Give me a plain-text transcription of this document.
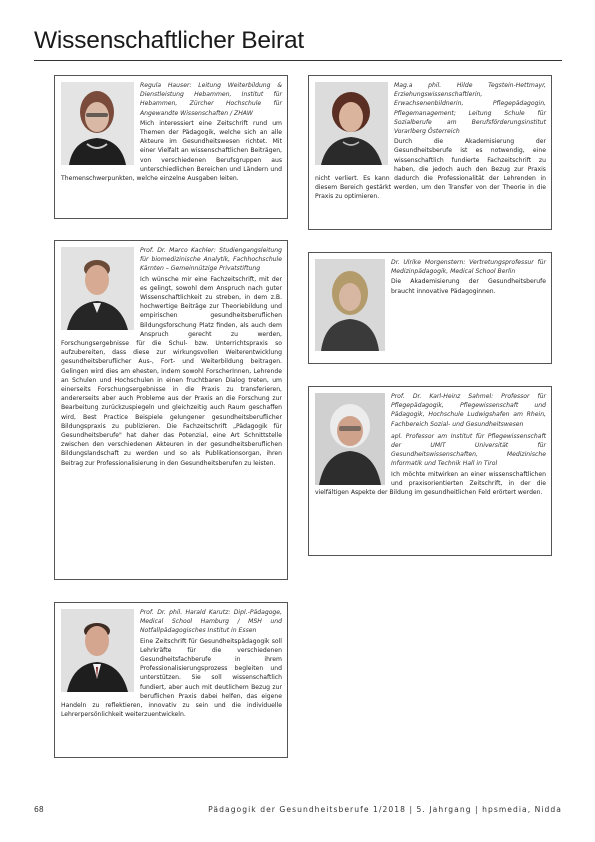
Wissenschaftlicher Beirat

Regula Hauser: Leitung Weiterbildung & Dienstleistung Hebammen, Institut für Hebammen, Zürcher Hochschule für Angewandte Wissenschaften / ZHAW

Mich interessiert eine Zeitschrift rund um Themen der Pädagogik, welche sich an alle Akteure im Gesundheitswesen richtet. Mit einer Vielfalt an wissenschaftlichen Beiträgen, von verschiedenen Berufsgruppen aus unterschiedlichen Bereichen und Ländern und Themenschwerpunkten, welche einzelne Ausgaben leiten.

Mag.a phil. Hilde Tegstein-Hettmayr, Erziehungswissenschaftlerin, Erwachsenenbildnerin, Pflegepädagogin, Pflegemanagement; Leitung Schule für Sozialberufe am Berufsförderungsinstitut Vorarlberg Österreich

Durch die Akademisierung der Gesundheitsberufe ist es notwendig, eine wissenschaftlich fundierte Fachzeitschrift zu haben, die jedoch auch den Bezug zur Praxis nicht verliert. Es kann dadurch die Professionalität der Lehrenden in diesem Bereich gestärkt werden, um den Transfer von der Theorie in die Praxis zu optimieren.

Prof. Dr. Marco Kachler: Studiengangsleitung für biomedizinische Analytik, Fachhochschule Kärnten – Gemeinnützige Privatstiftung

Ich wünsche mir eine Fachzeitschrift, mit der es gelingt, sowohl dem Anspruch nach guter Wissenschaftlichkeit zu streben, in dem z.B. hochwertige Beiträge zur Theoriebildung und empirischen gesundheitsberuflichen Bildungsforschung Platz finden, als auch dem Anspruch gerecht zu werden, Forschungsergebnisse für die Schul- bzw. Unterrichtspraxis so aufzubereiten, dass diese zur wirkungsvollen Weiterentwicklung gesundheitsberuflicher Aus-, Fort- und Weiterbildung beitragen. Gelingen wird dies am ehesten, indem sowohl ForscherInnen, Lehrende an Schulen und Hochschulen in einen fruchtbaren Dialog treten, um einerseits Forschungsergebnisse in die Praxis zu transferieren, andererseits aber auch Probleme aus der Praxis an die Forschung zur Bearbeitung zurückzuspiegeln und gleichzeitig auch Raum geschaffen wird, Best Practice Beispiele gelungener gesundheitsberuflicher Bildungspraxis zu publizieren. Die Fachzeitschrift „Pädagogik für Gesundheitsberufe" hat daher das Potenzial, eine Art Schnittstelle zwischen den verschiedenen Akteuren in der gesundheitsberuflichen Bildungslandschaft zu werden und so als Publikationsorgan, ihren Beitrag zur Professionalisierung in den Gesundheitsberufen zu leisten.

Dr. Ulrike Morgenstern: Vertretungsprofessur für Medizinpädagogik, Medical School Berlin

Die Akademisierung der Gesundheitsberufe braucht innovative Pädagoginnen.

Prof. Dr. Karl-Heinz Sahmel: Professor für Pflegepädagogik, Pflegewissenschaft und Pädagogik, Hochschule Ludwigshafen am Rhein, Fachbereich Sozial- und Gesundheitswesen

apl. Professor am Institut für Pflegewissenschaft der UMIT Universität für Gesundheitswissenschaften, Medizinische Informatik und Technik Hall in Tirol

Ich möchte mitwirken an einer wissenschaftlichen und praxisorientierten Zeitschrift, in der die vielfältigen Aspekte der Bildung im gesundheitlichen Feld erörtert werden.

Prof. Dr. phil. Harald Karutz: Dipl.-Pädagoge, Medical School Hamburg / MSH und Notfallpädagogisches Institut in Essen

Eine Zeitschrift für Gesundheitspädagogik soll Lehrkräfte für die verschiedenen Gesundheitsfachberufe in ihrem Professionalisierungsprozess begleiten und unterstützen. Sie soll wissenschaftlich fundiert, aber auch mit deutlichem Bezug zur beruflichen Praxis dabei helfen, das eigene Handeln zu reflektieren, innovativ zu sein und die individuelle Lehrerpersönlichkeit weiterzuentwickeln.

68	Pädagogik der Gesundheitsberufe 1/2018 | 5. Jahrgang | hpsmedia, Nidda
